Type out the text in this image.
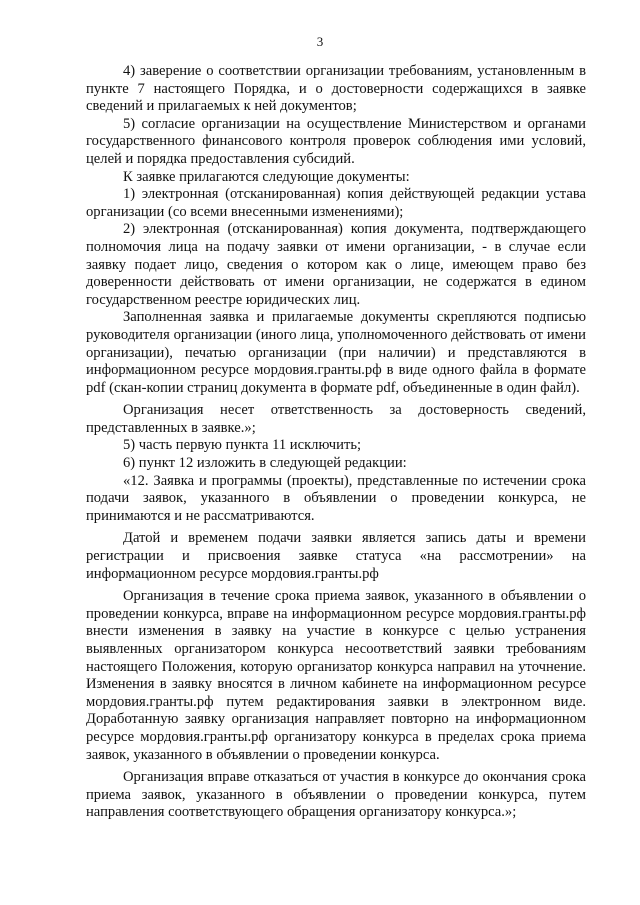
3

4) заверение о соответствии организации требованиям, установленным в пункте 7 настоящего Порядка, и о достоверности содержащихся в заявке сведений и прилагаемых к ней документов;

5) согласие организации на осуществление Министерством и органами государственного финансового контроля проверок соблюдения ими условий, целей и порядка предоставления субсидий.

К заявке прилагаются следующие документы:

1) электронная (отсканированная) копия действующей редакции устава организации (со всеми внесенными изменениями);

2) электронная (отсканированная) копия документа, подтверждающего полномочия лица на подачу заявки от имени организации, - в случае если заявку подает лицо, сведения о котором как о лице, имеющем право без доверенности действовать от имени организации, не содержатся в едином государственном реестре юридических лиц.

Заполненная заявка и прилагаемые документы скрепляются подписью руководителя организации (иного лица, уполномоченного действовать от имени организации), печатью организации (при наличии) и представляются в информационном ресурсе мордовия.гранты.рф в виде одного файла в формате pdf (скан-копии страниц документа в формате pdf, объединенные в один файл).

Организация несет ответственность за достоверность сведений, представленных в заявке.»;

5) часть первую пункта 11 исключить;

6) пункт 12 изложить в следующей редакции:

«12. Заявка и программы (проекты), представленные по истечении срока подачи заявок, указанного в объявлении о проведении конкурса, не принимаются и не рассматриваются.

Датой и временем подачи заявки является запись даты и времени регистрации и присвоения заявке статуса «на рассмотрении» на информационном ресурсе мордовия.гранты.рф

Организация в течение срока приема заявок, указанного в объявлении о проведении конкурса, вправе на информационном ресурсе мордовия.гранты.рф внести изменения в заявку на участие в конкурсе с целью устранения выявленных организатором конкурса несоответствий заявки требованиям настоящего Положения, которую организатор конкурса направил на уточнение. Изменения в заявку вносятся в личном кабинете на информационном ресурсе мордовия.гранты.рф путем редактирования заявки в электронном виде. Доработанную заявку организация направляет повторно на информационном ресурсе мордовия.гранты.рф организатору конкурса в пределах срока приема заявок, указанного в объявлении о проведении конкурса.

Организация вправе отказаться от участия в конкурсе до окончания срока приема заявок, указанного в объявлении о проведении конкурса, путем направления соответствующего обращения организатору конкурса.»;
